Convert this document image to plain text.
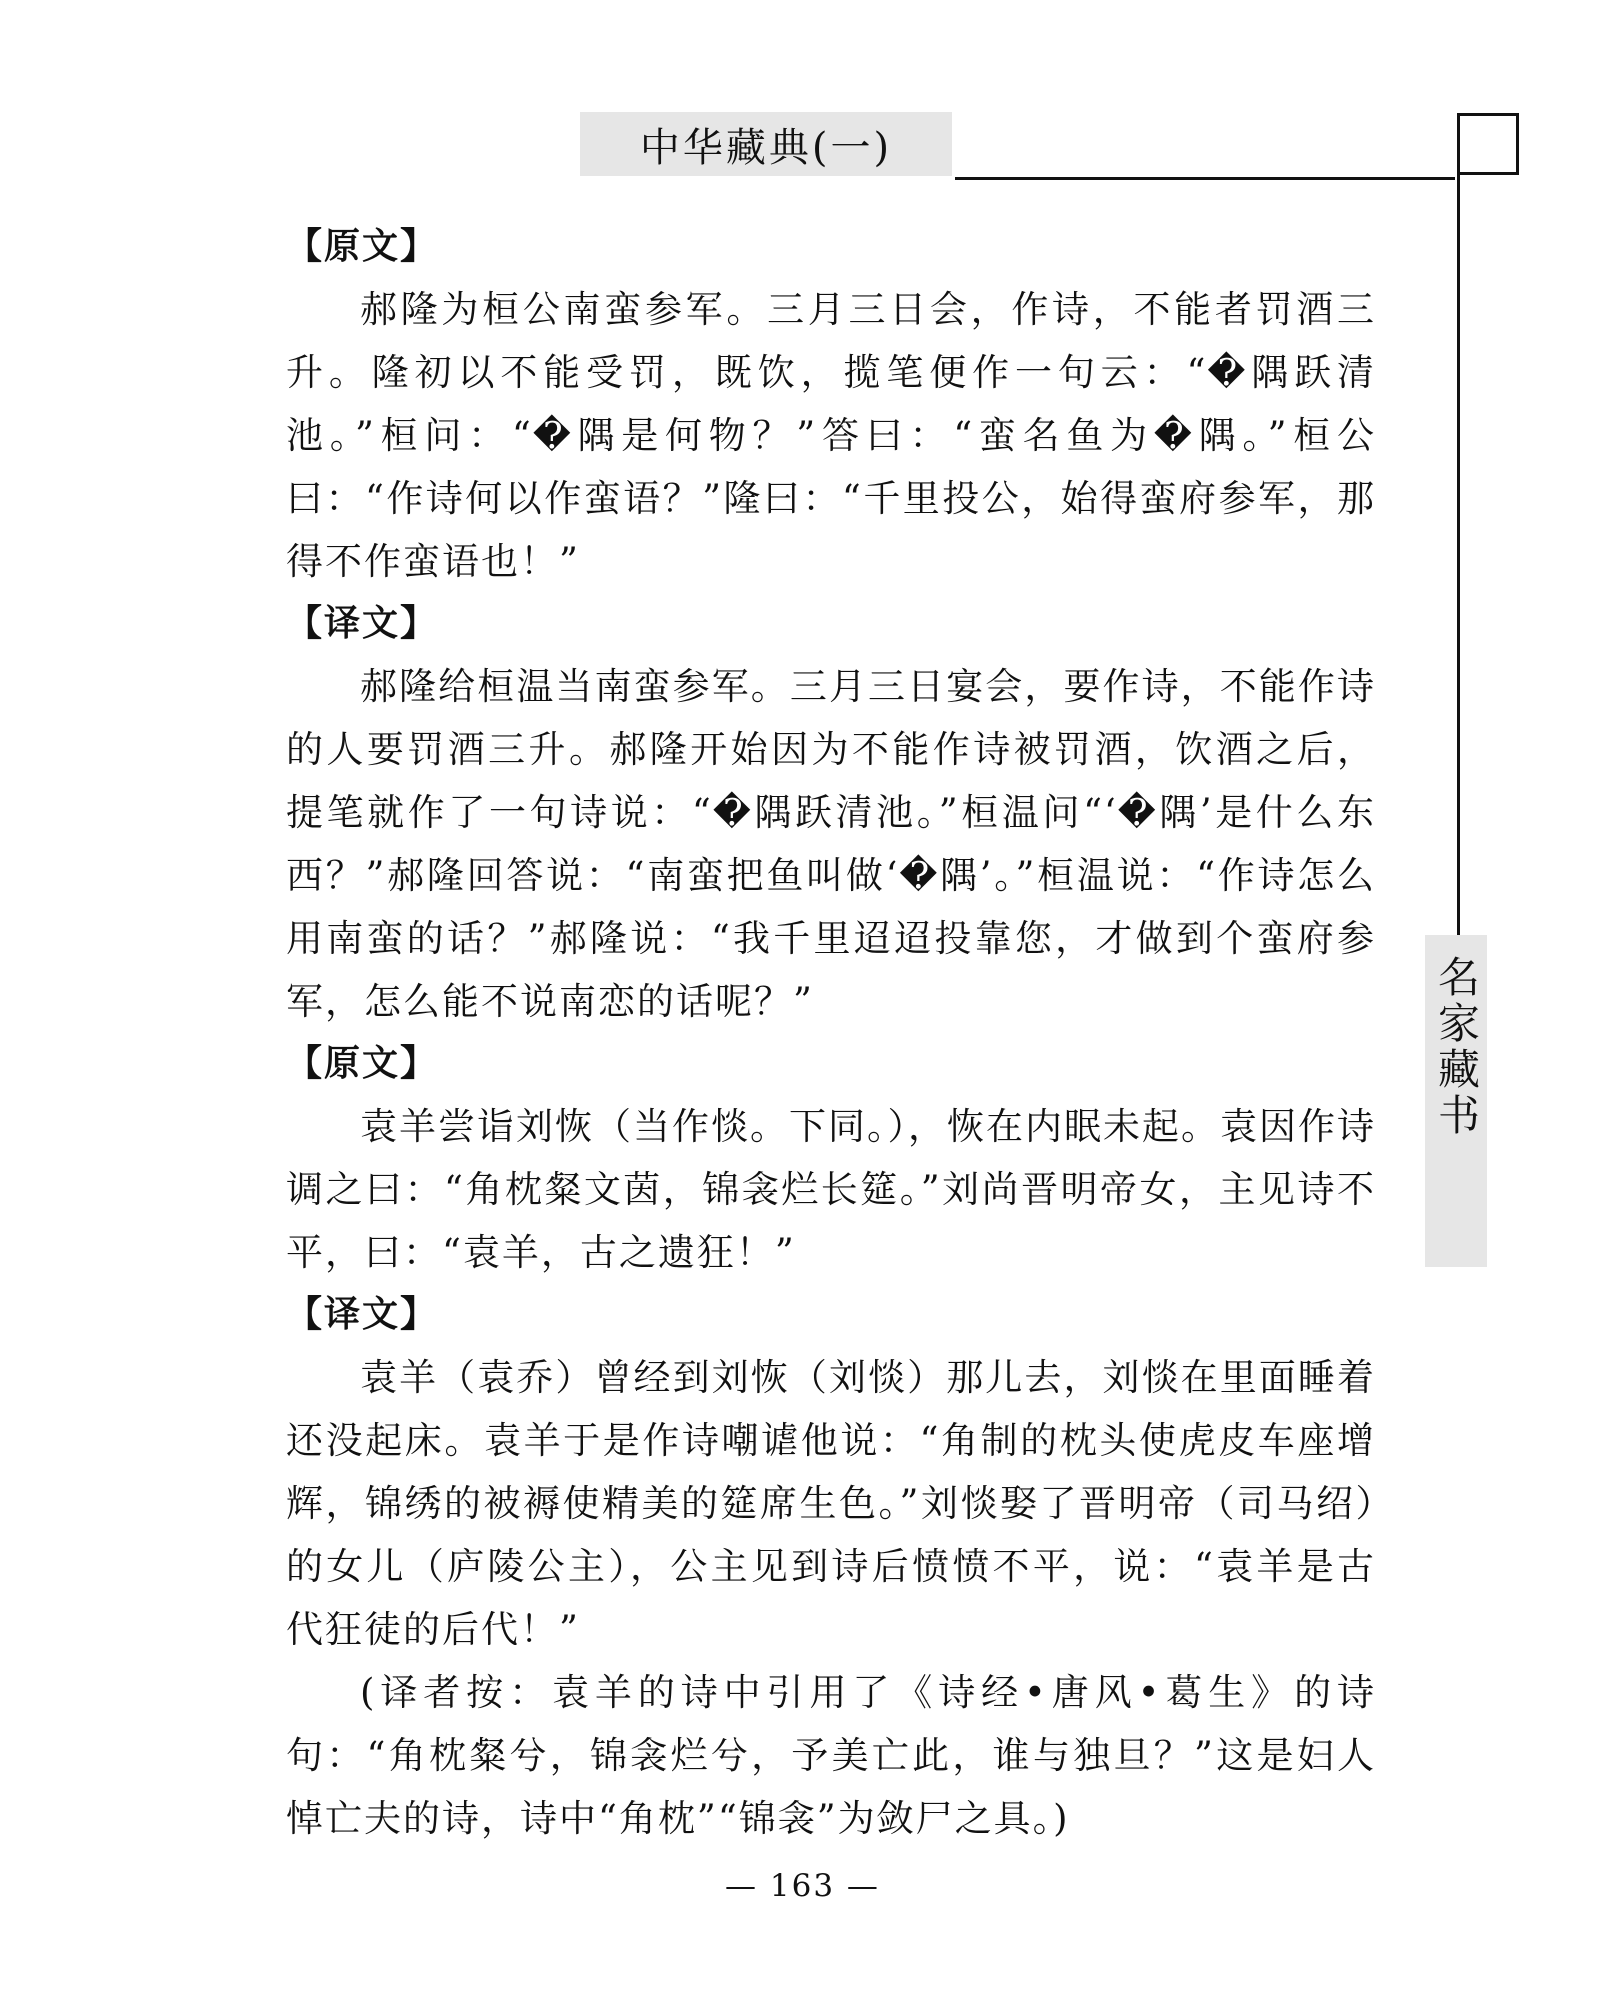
中华藏典(一)
名家藏书
【原文】

郝隆为桓公南蛮参军。三月三日会，作诗，不能者罚酒三升。隆初以不能受罚，既饮，揽笔便作一句云：“�隅跃清池。”桓问：“�隅是何物？”答曰：“蛮名鱼为�隅。”桓公曰：“作诗何以作蛮语？”隆曰：“千里投公，始得蛮府参军，那得不作蛮语也！”

【译文】

郝隆给桓温当南蛮参军。三月三日宴会，要作诗，不能作诗的人要罚酒三升。郝隆开始因为不能作诗被罚酒，饮酒之后，提笔就作了一句诗说：“�隅跃清池。”桓温问“‘�隅’是什么东西？”郝隆回答说：“南蛮把鱼叫做‘�隅’。”桓温说：“作诗怎么用南蛮的话？”郝隆说：“我千里迢迢投靠您，才做到个蛮府参军，怎么能不说南恋的话呢？”

【原文】

袁羊尝诣刘恢（当作惔。下同。），恢在内眠未起。袁因作诗调之曰：“角枕粲文茵，锦衾烂长筵。”刘尚晋明帝女，主见诗不平，曰：“袁羊，古之遗狂！”

【译文】

袁羊（袁乔）曾经到刘恢（刘惔）那儿去，刘惔在里面睡着还没起床。袁羊于是作诗嘲谑他说：“角制的枕头使虎皮车座增辉，锦绣的被褥使精美的筵席生色。”刘惔娶了晋明帝（司马绍）的女儿（庐陵公主），公主见到诗后愤愤不平，说：“袁羊是古代狂徒的后代！”

(译者按：袁羊的诗中引用了《诗经•唐风•葛生》的诗句：“角枕粲兮，锦衾烂兮，予美亡此，谁与独旦？”这是妇人悼亡夫的诗，诗中“角枕”“锦衾”为敛尸之具。)

— 163 —
